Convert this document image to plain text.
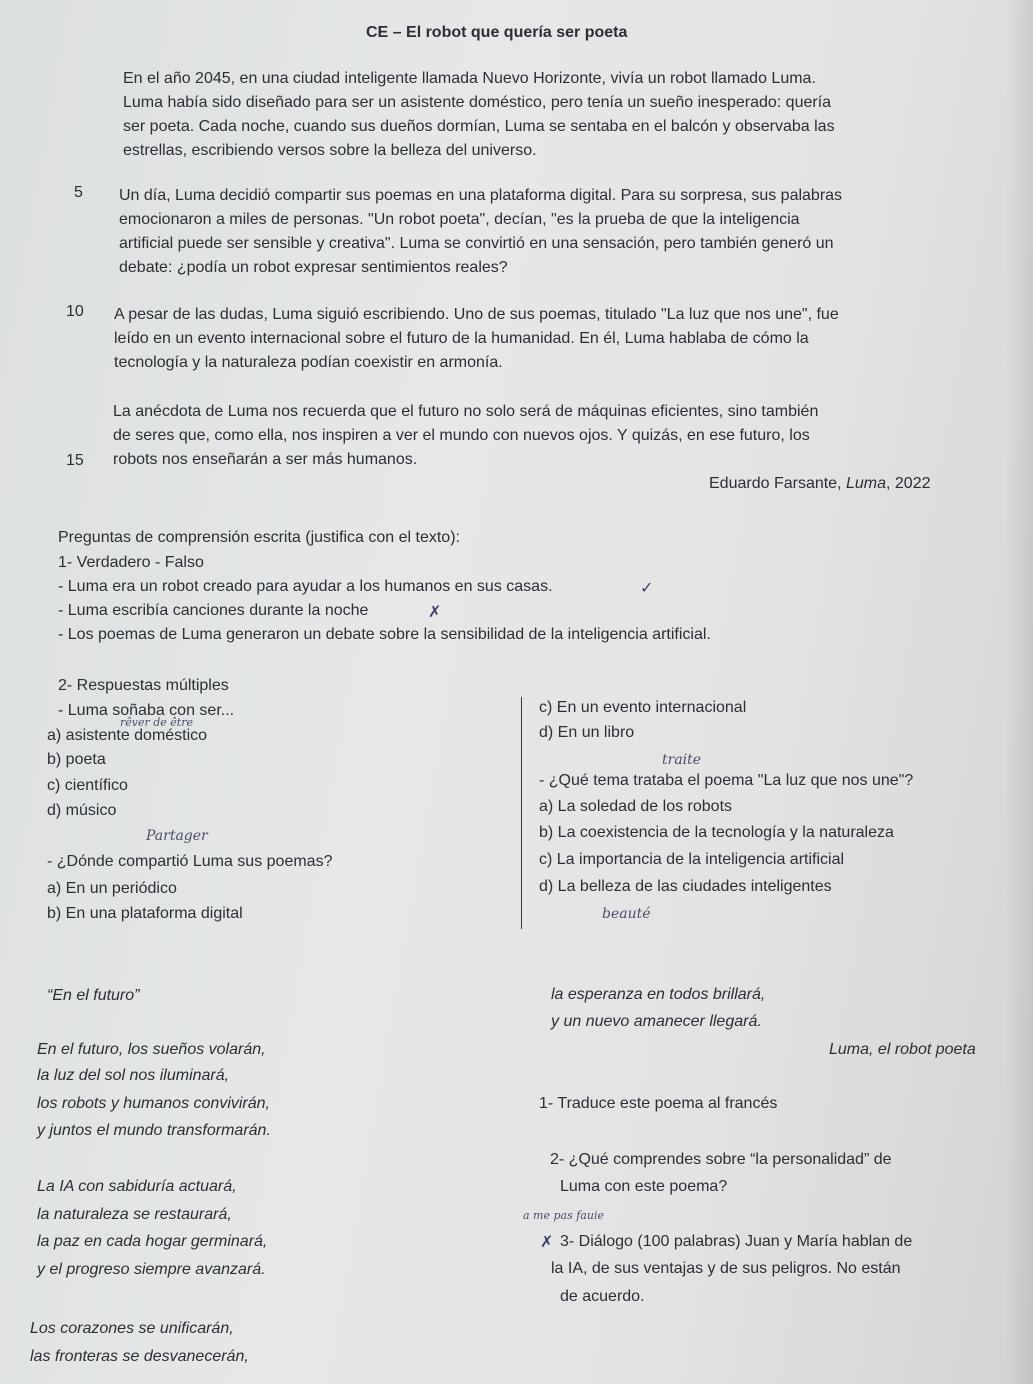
CE – El robot que quería ser poeta

En el año 2045, en una ciudad inteligente llamada Nuevo Horizonte, vivía un robot llamado Luma.

Luma había sido diseñado para ser un asistente doméstico, pero tenía un sueño inesperado: quería

ser poeta. Cada noche, cuando sus dueños dormían, Luma se sentaba en el balcón y observaba las

estrellas, escribiendo versos sobre la belleza del universo.

5 Un día, Luma decidió compartir sus poemas en una plataforma digital. Para su sorpresa, sus palabras

emocionaron a miles de personas. "Un robot poeta", decían, "es la prueba de que la inteligencia

artificial puede ser sensible y creativa". Luma se convirtió en una sensación, pero también generó un

debate: ¿podía un robot expresar sentimientos reales?

10 A pesar de las dudas, Luma siguió escribiendo. Uno de sus poemas, titulado "La luz que nos une", fue

leído en un evento internacional sobre el futuro de la humanidad. En él, Luma hablaba de cómo la

tecnología y la naturaleza podían coexistir en armonía.

La anécdota de Luma nos recuerda que el futuro no solo será de máquinas eficientes, sino también

de seres que, como ella, nos inspiren a ver el mundo con nuevos ojos. Y quizás, en ese futuro, los

robots nos enseñarán a ser más humanos.

15
Eduardo Farsante, Luma, 2022
Preguntas de comprensión escrita (justifica con el texto):
1- Verdadero - Falso
- Luma era un robot creado para ayudar a los humanos en sus casas.	✓
- Luma escribía canciones durante la noche	✗
- Los poemas de Luma generaron un debate sobre la sensibilidad de la inteligencia artificial.
2- Respuestas múltiples
- Luma soñaba con ser...
rêver de être
a) asistente doméstico
b) poeta
c) científico
d) músico
Partager
- ¿Dónde compartió Luma sus poemas?
a) En un periódico
b) En una plataforma digital
c) En un evento internacional
d) En un libro
traite
- ¿Qué tema trataba el poema "La luz que nos une"?
a) La soledad de los robots
b) La coexistencia de la tecnología y la naturaleza
c) La importancia de la inteligencia artificial
d) La belleza de las ciudades inteligentes
beauté
“En el futuro”
En el futuro, los sueños volarán,
la luz del sol nos iluminará,
los robots y humanos convivirán,
y juntos el mundo transformarán.
La IA con sabiduría actuará,
la naturaleza se restaurará,
la paz en cada hogar germinará,
y el progreso siempre avanzará.
Los corazones se unificarán,
las fronteras se desvanecerán,
la esperanza en todos brillará,
y un nuevo amanecer llegará.
Luma, el robot poeta
1- Traduce este poema al francés
2- ¿Qué comprendes sobre “la personalidad” de
Luma con este poema?
a me pas fauie
✗ 3- Diálogo (100 palabras) Juan y María hablan de
la IA, de sus ventajas y de sus peligros. No están
de acuerdo.
